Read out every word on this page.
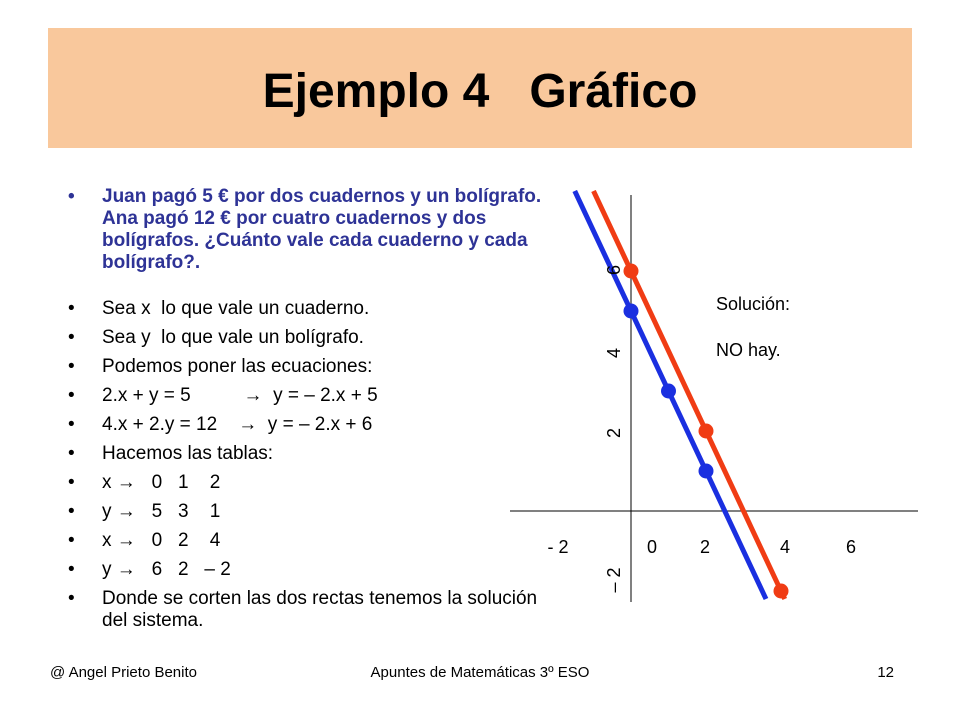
Ejemplo 4   Gráfico
• Juan pagó 5 € por dos cuadernos y un bolígrafo. Ana pagó 12 € por cuatro cuadernos y dos bolígrafos. ¿Cuánto vale cada cuaderno y cada bolígrafo?.
• Sea x  lo que vale un cuaderno.
• Sea y  lo que vale un bolígrafo.
• Podemos poner las ecuaciones:
• 2.x + y = 5          →  y = – 2.x + 5
• 4.x + 2.y = 12    →  y = – 2.x + 6
• Hacemos las tablas:
• x →   0   1    2
• y →   5   3    1
• x →   0   2    4
• y →   6   2   – 2
• Donde se corten las dos rectas tenemos la solución del sistema.
- 2	0 2	4	6
6
4
2
– 2
Solución:
NO hay.
@ Angel Prieto Benito	Apuntes de Matemáticas 3º ESO	12
